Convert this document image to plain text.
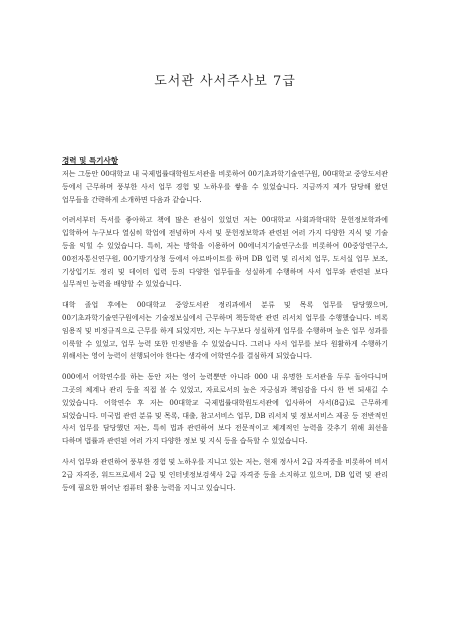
도서관 사서주사보 7급
경력 및 특기사항

저는 그동안 00대학교 내 국제법률대학원도서관을 비롯하여 00기초과학기술연구원, 00대학교 중앙도서관 등에서 근무하며 풍부한 사서 업무 경험 및 노하우를 쌓을 수 있었습니다. 지금까지 제가 담당해 왔던 업무들을 간략하게 소개하면 다음과 같습니다.

어려서부터 독서를 좋아하고 책에 많은 관심이 있었던 저는 00대학교 사회과학대학 문헌정보학과에 입학하여 누구보다 열심히 학업에 전념하며 사서 및 문헌정보학과 관련된 여러 가지 다양한 지식 및 기술 등을 익힐 수 있었습니다. 특히, 저는 방학을 이용하여 00에너지기술연구소를 비롯하여 00중앙연구소, 00전자통신연구원, 00기방기상청 등에서 아르바이트를 하며 DB 입력 및 리서치 업무, 도서실 업무 보조, 기상입기도 정리 및 데이터 입력 등의 다양한 업무들을 성실하게 수행하며 사서 업무와 관련된 보다 실무적인 능력을 배양할 수 있었습니다.

대학 졸업 후에는 00대학교 중앙도서관 정리과에서 분류 및 목록 업무를 담당했으며, 00기초과학기술연구원에서는 기술정보실에서 근무하며 책등학관 관련 리서치 업무를 수행했습니다. 비록 임용직 및 비정규직으로 근무를 하게 되었지만, 저는 누구보다 성실하게 업무를 수행하며 높은 업무 성과를 이룩할 수 있었고, 업무 능력 또한 인정받을 수 있었습니다. 그러나 사서 업무를 보다 원활하게 수행하기 위해서는 영어 능력이 선행되어야 한다는 생각에 어학연수를 결심하게 되었습니다.

000에서 어학연수를 하는 동안 저는 영어 능력뿐만 아니라 000 내 유명한 도서관을 두루 돌아다니며 그곳의 체계나 관리 등을 직접 볼 수 있었고, 자료로서의 높은 자긍심과 책임감을 다시 한 번 되새길 수 있었습니다. 어학연수 후 저는 00대학교 국제법률대학원도서관에 입사하여 사서(8급)로 근무하게 되었습니다. 미국법 관련 분류 및 목록, 대출, 참고서비스 업무, DB 리서치 및 정보서비스 제공 등 전반적인 사서 업무를 담당했던 저는, 특히 법과 관련하여 보다 전문적이고 체계적인 능력을 갖추기 위해 최선을 다하며 법률과 관련된 여러 가지 다양한 정보 및 지식 등을 습득할 수 있었습니다.

사서 업무와 관련하여 풍부한 경험 및 노하우를 지니고 있는 저는, 현재 정사서 2급 자격증을 비롯하여 비서 2급 자격증, 워드프로세서 2급 및 인터넷정보검색사 2급 자격증 등을 소지하고 있으며, DB 입력 및 관리 등에 필요한 뛰어난 컴퓨터 활용 능력을 지니고 있습니다.
